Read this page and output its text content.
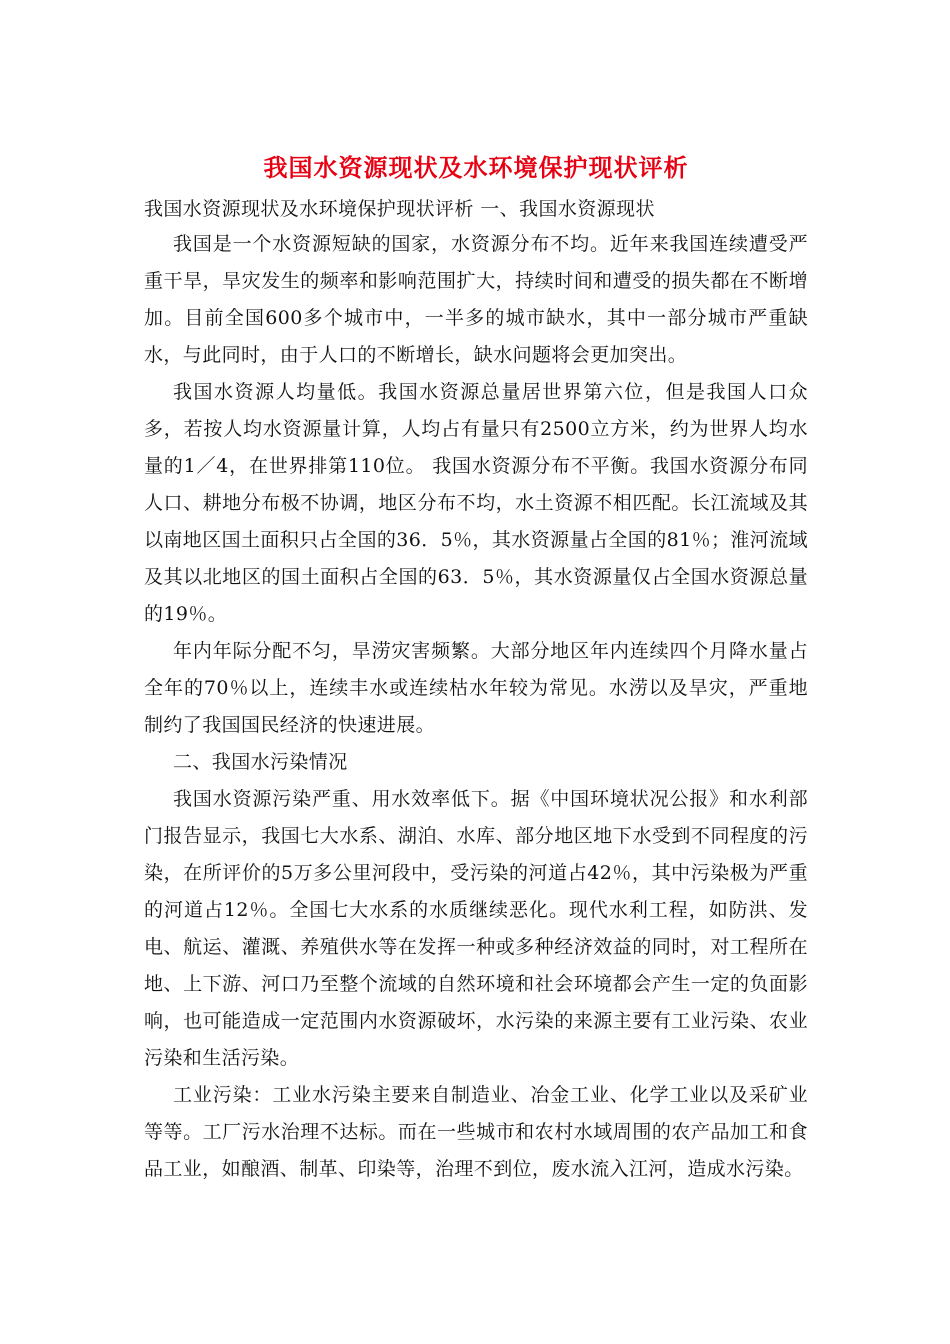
我国水资源现状及水环境保护现状评析

我国水资源现状及水环境保护现状评析 一、我国水资源现状

我国是一个水资源短缺的国家，水资源分布不均。近年来我国连续遭受严重干旱，旱灾发生的频率和影响范围扩大，持续时间和遭受的损失都在不断增加。目前全国600多个城市中，一半多的城市缺水，其中一部分城市严重缺水，与此同时，由于人口的不断增长，缺水问题将会更加突出。

我国水资源人均量低。我国水资源总量居世界第六位，但是我国人口众多，若按人均水资源量计算，人均占有量只有2500立方米，约为世界人均水量的1／4，在世界排第110位。 我国水资源分布不平衡。我国水资源分布同人口、耕地分布极不协调，地区分布不均，水土资源不相匹配。长江流域及其以南地区国土面积只占全国的36．5％，其水资源量占全国的81％；淮河流域及其以北地区的国土面积占全国的63．5％，其水资源量仅占全国水资源总量的19％。

年内年际分配不匀，旱涝灾害频繁。大部分地区年内连续四个月降水量占全年的70％以上，连续丰水或连续枯水年较为常见。水涝以及旱灾，严重地制约了我国国民经济的快速进展。

二、我国水污染情况

我国水资源污染严重、用水效率低下。据《中国环境状况公报》和水利部门报告显示，我国七大水系、湖泊、水库、部分地区地下水受到不同程度的污染，在所评价的5万多公里河段中，受污染的河道占42％，其中污染极为严重的河道占12％。全国七大水系的水质继续恶化。现代水利工程，如防洪、发电、航运、灌溉、养殖供水等在发挥一种或多种经济效益的同时，对工程所在地、上下游、河口乃至整个流域的自然环境和社会环境都会产生一定的负面影响，也可能造成一定范围内水资源破坏，水污染的来源主要有工业污染、农业污染和生活污染。

工业污染：工业水污染主要来自制造业、冶金工业、化学工业以及采矿业等等。工厂污水治理不达标。而在一些城市和农村水域周围的农产品加工和食品工业，如酿酒、制革、印染等，治理不到位，废水流入江河，造成水污染。
